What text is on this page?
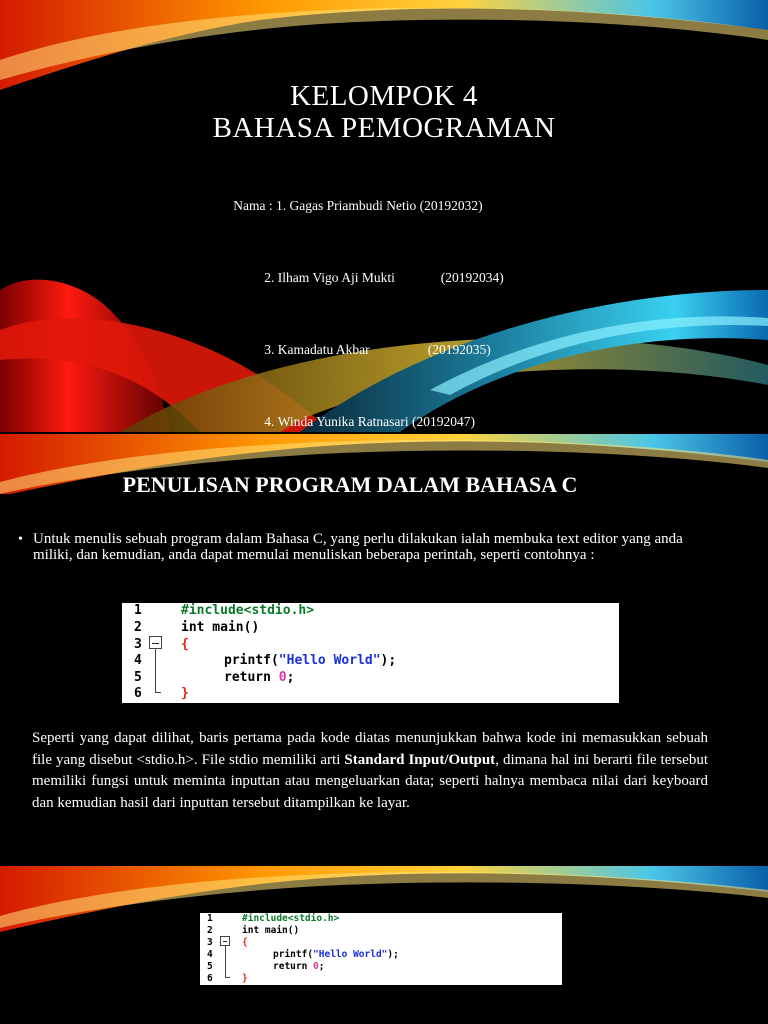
KELOMPOK 4
BAHASA PEMOGRAMAN

Nama : 1. Gagas Priambudi Netio (20192032)

2. Ilham Vigo Aji Mukti	(20192034)

3. Kamadatu Akbar	(20192035)

4. Winda Yunika Ratnasari (20192047)

PENULISAN PROGRAM DALAM BAHASA C
• Untuk menulis sebuah program dalam Bahasa C, yang perlu dilakukan ialah membuka text editor yang anda miliki, dan kemudian, anda dapat memulai menuliskan beberapa perintah, seperti contohnya :

1

	#include<stdio.h>

2

	int main()

3

	{

4

	printf("Hello World");

5

	return 0;

6

	}

Seperti yang dapat dilihat, baris pertama pada kode diatas menunjukkan bahwa kode ini memasukkan sebuah file yang disebut <stdio.h>. File stdio memiliki arti Standard Input/Output, dimana hal ini berarti file tersebut memiliki fungsi untuk meminta inputtan atau mengeluarkan data; seperti halnya membaca nilai dari keyboard dan kemudian hasil dari inputtan tersebut ditampilkan ke layar.

1

	#include<stdio.h>

2

	int main()

3

	{

4

	printf("Hello World");

5

	return 0;

6

	}
